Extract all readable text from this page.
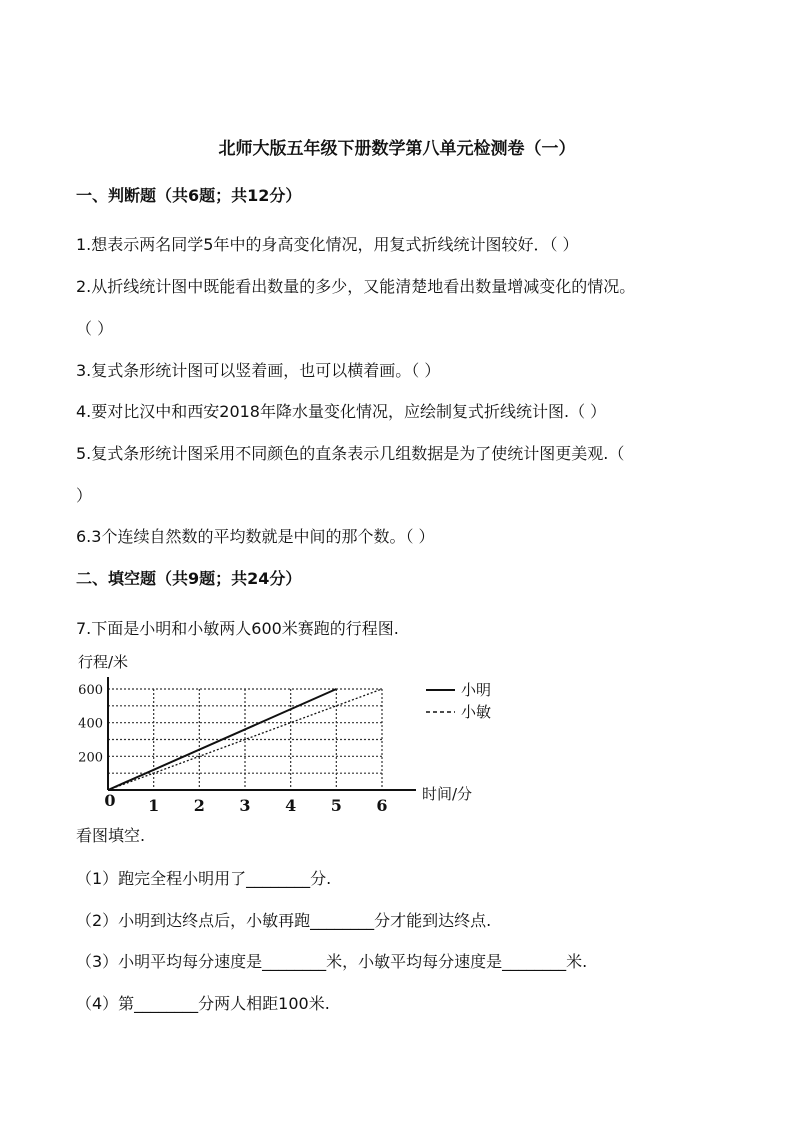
北师大版五年级下册数学第八单元检测卷（一）
一、判断题（共6题；共12分）
1.想表示两名同学5年中的身高变化情况，用复式折线统计图较好．（ ）
2.从折线统计图中既能看出数量的多少，又能清楚地看出数量增减变化的情况。
（ ）
3.复式条形统计图可以竖着画，也可以横着画。（ ）
4.要对比汉中和西安2018年降水量变化情况，应绘制复式折线统计图.（ ）
5.复式条形统计图采用不同颜色的直条表示几组数据是为了使统计图更美观.（
）
6.3个连续自然数的平均数就是中间的那个数。（ ）
二、填空题（共9题；共24分）
7.下面是小明和小敏两人600米赛跑的行程图.
行程/米
时间/分
1 2 3 4 5 6
200
400
600
0
小明
小敏
看图填空.
（1）跑完全程小明用了________分.
（2）小明到达终点后，小敏再跑________分才能到达终点.
（3）小明平均每分速度是________米，小敏平均每分速度是________米.
（4）第________分两人相距100米.
